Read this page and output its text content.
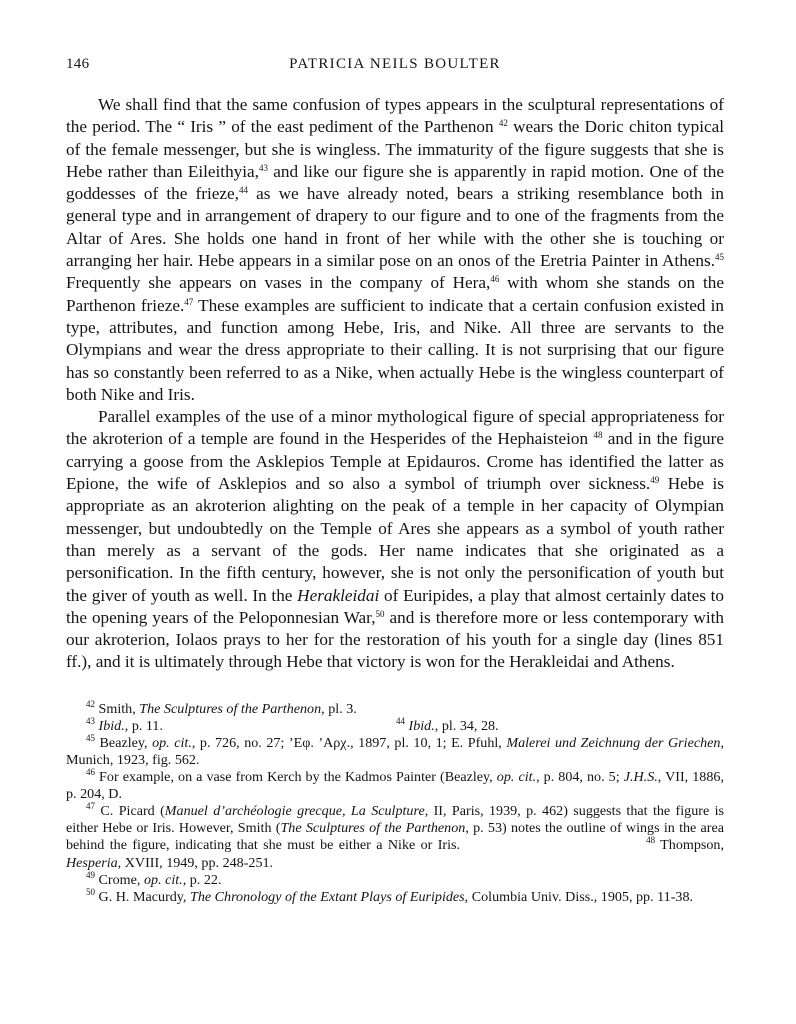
146	PATRICIA NEILS BOULTER

We shall find that the same confusion of types appears in the sculptural representations of the period. The “ Iris ” of the east pediment of the Parthenon $^{42}$ wears the Doric chiton typical of the female messenger, but she is wingless. The immaturity of the figure suggests that she is Hebe rather than Eileithyia,$^{43}$ and like our figure she is apparently in rapid motion. One of the goddesses of the frieze,$^{44}$ as we have already noted, bears a striking resemblance both in general type and in arrangement of drapery to our figure and to one of the fragments from the Altar of Ares. She holds one hand in front of her while with the other she is touching or arranging her hair. Hebe appears in a similar pose on an onos of the Eretria Painter in Athens.$^{45}$ Frequently she appears on vases in the company of Hera,$^{46}$ with whom she stands on the Parthenon frieze.$^{47}$ These examples are sufficient to indicate that a certain confusion existed in type, attributes, and function among Hebe, Iris, and Nike. All three are servants to the Olympians and wear the dress appropriate to their calling. It is not surprising that our figure has so constantly been referred to as a Nike, when actually Hebe is the wingless counterpart of both Nike and Iris.

Parallel examples of the use of a minor mythological figure of special appropriateness for the akroterion of a temple are found in the Hesperides of the Hephaisteion $^{48}$ and in the figure carrying a goose from the Asklepios Temple at Epidauros. Crome has identified the latter as Epione, the wife of Asklepios and so also a symbol of triumph over sickness.$^{49}$ Hebe is appropriate as an akroterion alighting on the peak of a temple in her capacity of Olympian messenger, but undoubtedly on the Temple of Ares she appears as a symbol of youth rather than merely as a servant of the gods. Her name indicates that she originated as a personification. In the fifth century, however, she is not only the personification of youth but the giver of youth as well. In the Herakleidai of Euripides, a play that almost certainly dates to the opening years of the Peloponnesian War,$^{50}$ and is therefore more or less contemporary with our akroterion, Iolaos prays to her for the restoration of his youth for a single day (lines 851 ff.), and it is ultimately through Hebe that victory is won for the Herakleidai and Athens.

$^{42}$ Smith, The Sculptures of the Parthenon, pl. 3.

$^{43}$ Ibid., p. 11.	$^{44}$ Ibid., pl. 34, 28.

$^{45}$ Beazley, op. cit., p. 726, no. 27; ’Eφ. ’Aρχ., 1897, pl. 10, 1; E. Pfuhl, Malerei und Zeichnung der Griechen, Munich, 1923, fig. 562.

$^{46}$ For example, on a vase from Kerch by the Kadmos Painter (Beazley, op. cit., p. 804, no. 5; J.H.S., VII, 1886, p. 204, D.

$^{47}$ C. Picard (Manuel d’archéologie grecque, La Sculpture, II, Paris, 1939, p. 462) suggests that the figure is either Hebe or Iris. However, Smith (The Sculptures of the Parthenon, p. 53) notes the outline of wings in the area behind the figure, indicating that she must be either a Nike or Iris.	$^{48}$ Thompson, Hesperia, XVIII, 1949, pp. 248-251.

$^{49}$ Crome, op. cit., p. 22.

$^{50}$ G. H. Macurdy, The Chronology of the Extant Plays of Euripides, Columbia Univ. Diss., 1905, pp. 11-38.
